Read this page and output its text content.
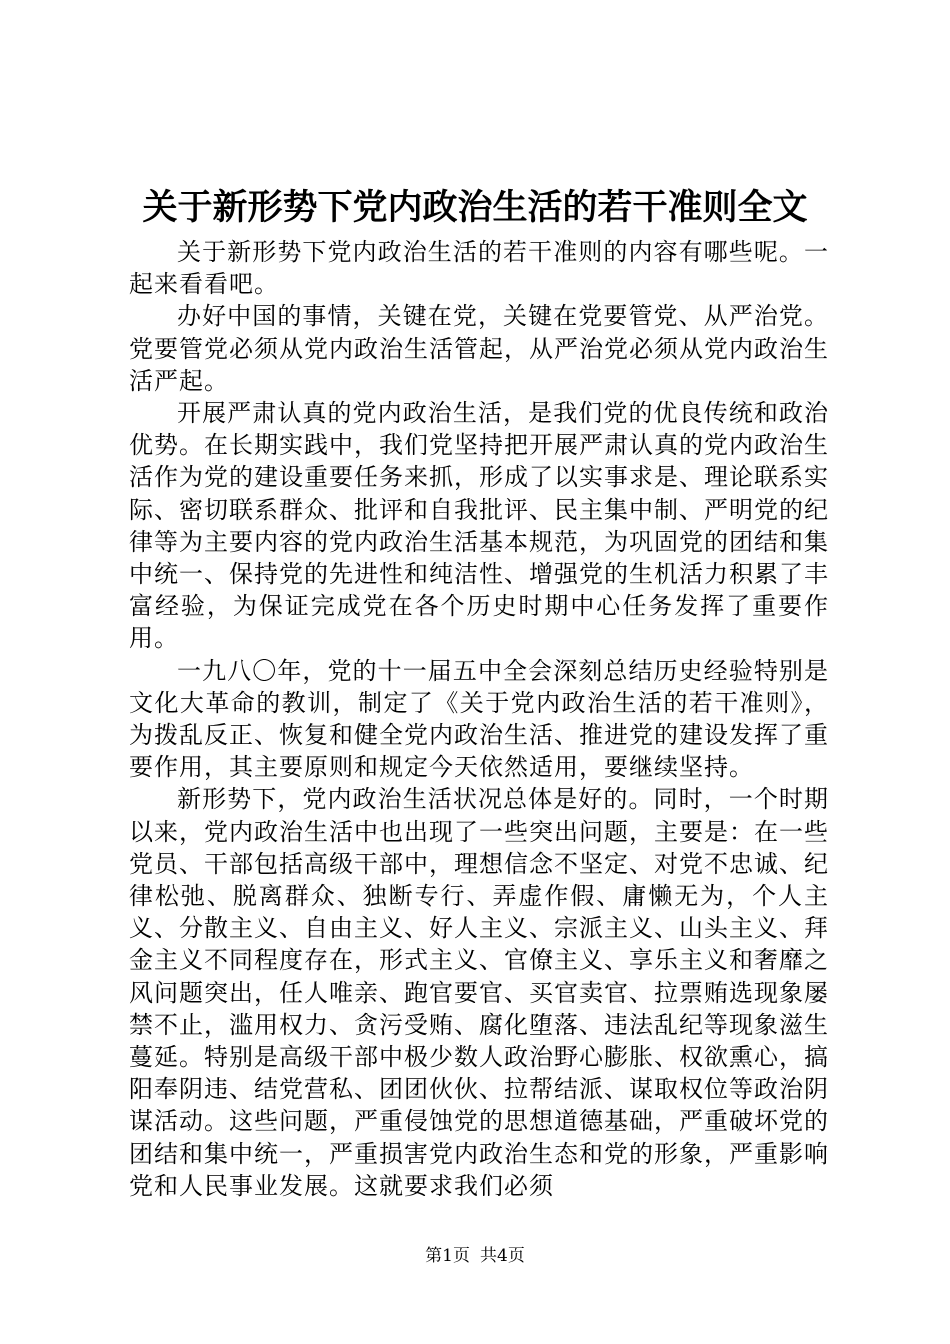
关于新形势下党内政治生活的若干准则全文

关于新形势下党内政治生活的若干准则的内容有哪些呢。一起来看看吧。

办好中国的事情，关键在党，关键在党要管党、从严治党。党要管党必须从党内政治生活管起，从严治党必须从党内政治生活严起。

开展严肃认真的党内政治生活，是我们党的优良传统和政治优势。在长期实践中，我们党坚持把开展严肃认真的党内政治生活作为党的建设重要任务来抓，形成了以实事求是、理论联系实际、密切联系群众、批评和自我批评、民主集中制、严明党的纪律等为主要内容的党内政治生活基本规范，为巩固党的团结和集中统一、保持党的先进性和纯洁性、增强党的生机活力积累了丰富经验，为保证完成党在各个历史时期中心任务发挥了重要作用。

一九八〇年，党的十一届五中全会深刻总结历史经验特别是文化大革命的教训，制定了《关于党内政治生活的若干准则》，为拨乱反正、恢复和健全党内政治生活、推进党的建设发挥了重要作用，其主要原则和规定今天依然适用，要继续坚持。

新形势下，党内政治生活状况总体是好的。同时，一个时期以来，党内政治生活中也出现了一些突出问题，主要是：在一些党员、干部包括高级干部中，理想信念不坚定、对党不忠诚、纪律松弛、脱离群众、独断专行、弄虚作假、庸懒无为，个人主义、分散主义、自由主义、好人主义、宗派主义、山头主义、拜金主义不同程度存在，形式主义、官僚主义、享乐主义和奢靡之风问题突出，任人唯亲、跑官要官、买官卖官、拉票贿选现象屡禁不止，滥用权力、贪污受贿、腐化堕落、违法乱纪等现象滋生蔓延。特别是高级干部中极少数人政治野心膨胀、权欲熏心，搞阳奉阴违、结党营私、团团伙伙、拉帮结派、谋取权位等政治阴谋活动。这些问题，严重侵蚀党的思想道德基础，严重破坏党的团结和集中统一，严重损害党内政治生态和党的形象，严重影响党和人民事业发展。这就要求我们必须

第1页 共4页
